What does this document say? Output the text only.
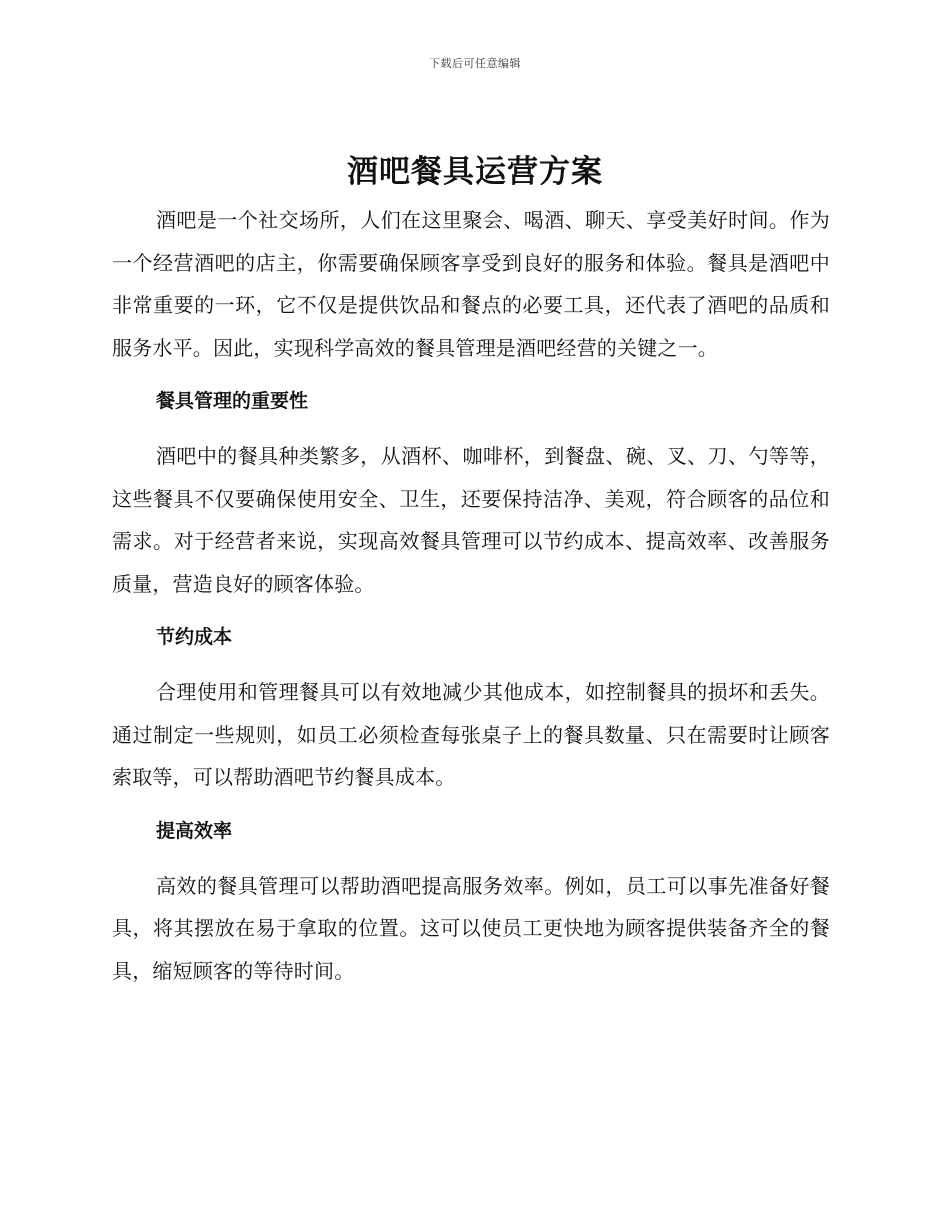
下载后可任意编辑
酒吧餐具运营方案

酒吧是一个社交场所，人们在这里聚会、喝酒、聊天、享受美好时间。作为一个经营酒吧的店主，你需要确保顾客享受到良好的服务和体验。餐具是酒吧中非常重要的一环，它不仅是提供饮品和餐点的必要工具，还代表了酒吧的品质和服务水平。因此，实现科学高效的餐具管理是酒吧经营的关键之一。

餐具管理的重要性

酒吧中的餐具种类繁多，从酒杯、咖啡杯，到餐盘、碗、叉、刀、勺等等，这些餐具不仅要确保使用安全、卫生，还要保持洁净、美观，符合顾客的品位和需求。对于经营者来说，实现高效餐具管理可以节约成本、提高效率、改善服务质量，营造良好的顾客体验。

节约成本

合理使用和管理餐具可以有效地减少其他成本，如控制餐具的损坏和丢失。通过制定一些规则，如员工必须检查每张桌子上的餐具数量、只在需要时让顾客索取等，可以帮助酒吧节约餐具成本。

提高效率

高效的餐具管理可以帮助酒吧提高服务效率。例如，员工可以事先准备好餐具，将其摆放在易于拿取的位置。这可以使员工更快地为顾客提供装备齐全的餐具，缩短顾客的等待时间。
